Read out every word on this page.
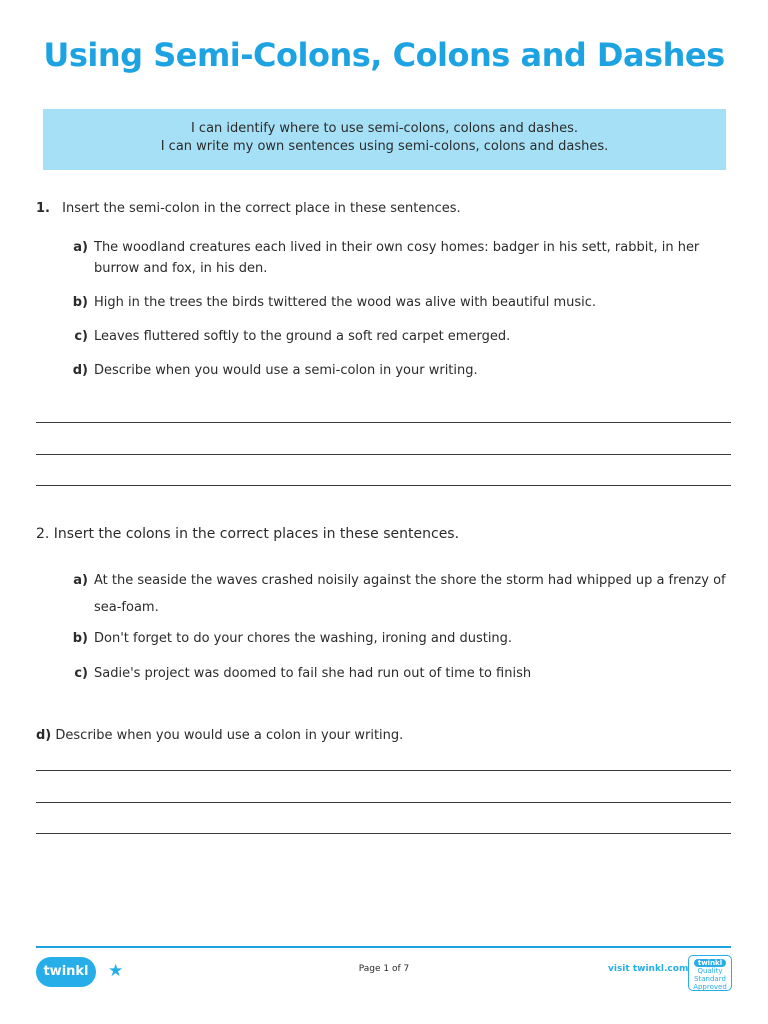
Using Semi-Colons, Colons and Dashes
I can identify where to use semi-colons, colons and dashes.
I can write my own sentences using semi-colons, colons and dashes.
1. Insert the semi-colon in the correct place in these sentences.
a) The woodland creatures each lived in their own cosy homes: badger in his sett, rabbit, in her burrow and fox, in his den.
b) High in the trees the birds twittered the wood was alive with beautiful music.
c) Leaves fluttered softly to the ground a soft red carpet emerged.
d) Describe when you would use a semi-colon in your writing.
2. Insert the colons in the correct places in these sentences.
a) At the seaside the waves crashed noisily against the shore the storm had whipped up a frenzy of sea-foam.
b) Don't forget to do your chores the washing, ironing and dusting.
c) Sadie's project was doomed to fail she had run out of time to finish
d) Describe when you would use a colon in your writing.
twinkl	★	Page 1 of 7	visit twinkl.com
twinkl
Quality Standard
Approved
